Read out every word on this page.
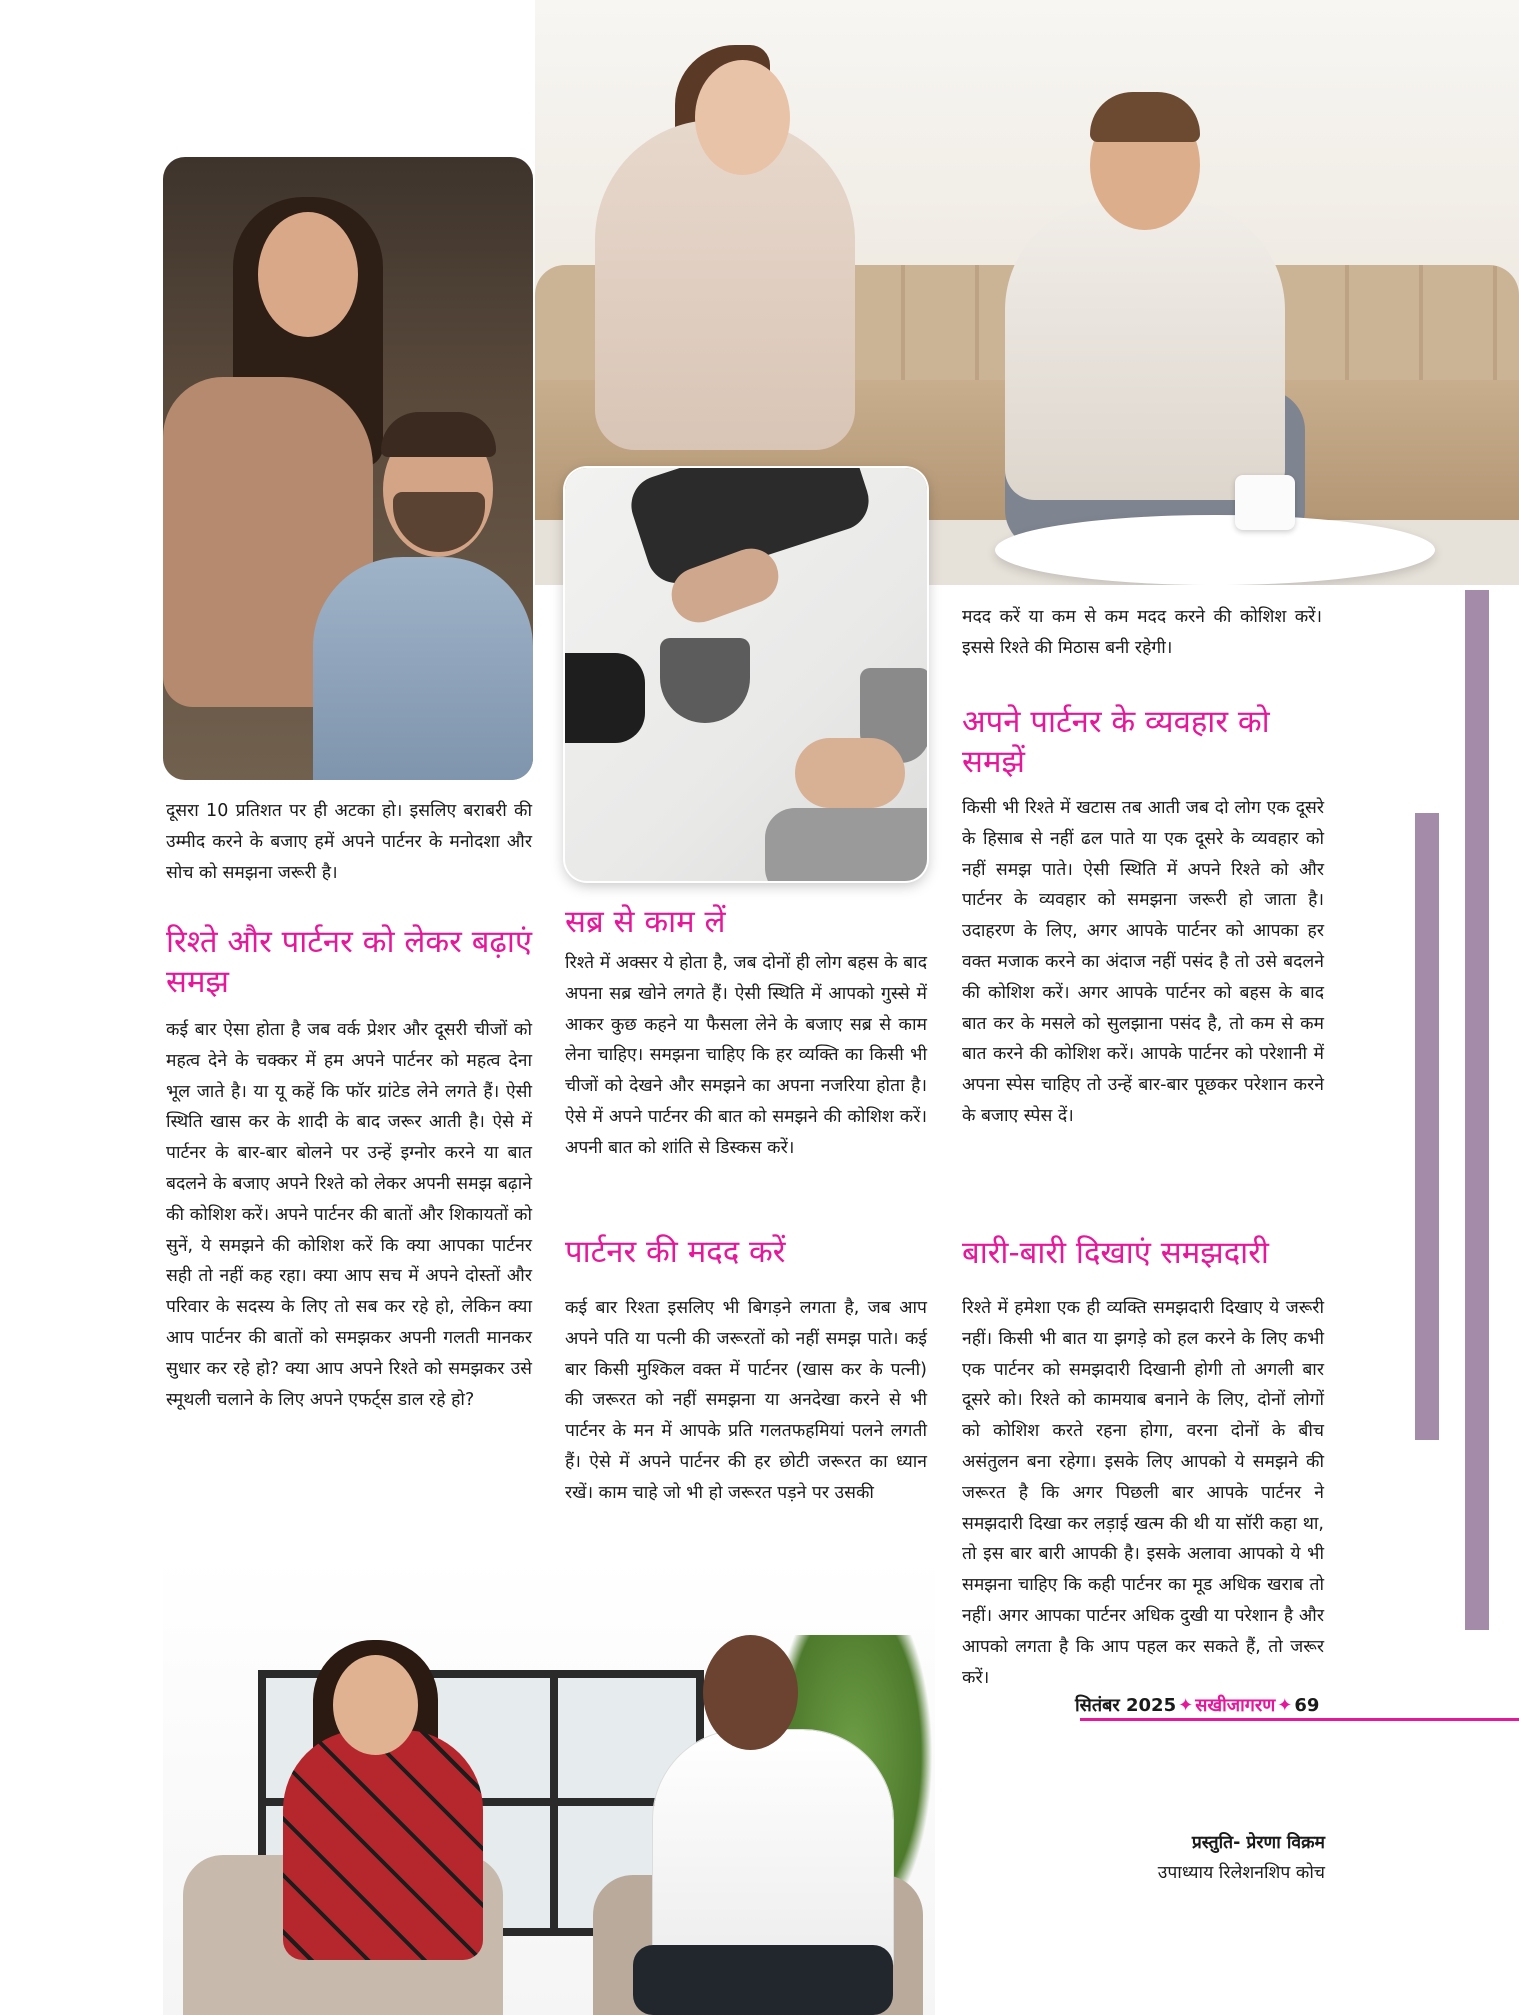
दूसरा 10 प्रतिशत पर ही अटका हो। इसलिए बराबरी की उम्मीद करने के बजाए हमें अपने पार्टनर के मनोदशा और सोच को समझना जरूरी है।

रिश्ते और पार्टनर को लेकर बढ़ाएं समझ

कई बार ऐसा होता है जब वर्क प्रेशर और दूसरी चीजों को महत्व देने के चक्कर में हम अपने पार्टनर को महत्व देना भूल जाते है। या यू कहें कि फॉर ग्रांटेड लेने लगते हैं। ऐसी स्थिति खास कर के शादी के बाद जरूर आती है। ऐसे में पार्टनर के बार-बार बोलने पर उन्हें इग्नोर करने या बात बदलने के बजाए अपने रिश्ते को लेकर अपनी समझ बढ़ाने की कोशिश करें। अपने पार्टनर की बातों और शिकायतों को सुनें, ये समझने की कोशिश करें कि क्या आपका पार्टनर सही तो नहीं कह रहा। क्या आप सच में अपने दोस्तों और परिवार के सदस्य के लिए तो सब कर रहे हो, लेकिन क्या आप पार्टनर की बातों को समझकर अपनी गलती मानकर सुधार कर रहे हो? क्या आप अपने रिश्ते को समझकर उसे स्मूथली चलाने के लिए अपने एफर्ट्स डाल रहे हो?

सब्र से काम लें

रिश्ते में अक्सर ये होता है, जब दोनों ही लोग बहस के बाद अपना सब्र खोने लगते हैं। ऐसी स्थिति में आपको गुस्से में आकर कुछ कहने या फैसला लेने के बजाए सब्र से काम लेना चाहिए। समझना चाहिए कि हर व्यक्ति का किसी भी चीजों को देखने और समझने का अपना नजरिया होता है। ऐसे में अपने पार्टनर की बात को समझने की कोशिश करें। अपनी बात को शांति से डिस्कस करें।

पार्टनर की मदद करें

कई बार रिश्ता इसलिए भी बिगड़ने लगता है, जब आप अपने पति या पत्नी की जरूरतों को नहीं समझ पाते। कई बार किसी मुश्किल वक्त में पार्टनर (खास कर के पत्नी) की जरूरत को नहीं समझना या अनदेखा करने से भी पार्टनर के मन में आपके प्रति गलतफहमियां पलने लगती हैं। ऐसे में अपने पार्टनर की हर छोटी जरूरत का ध्यान रखें। काम चाहे जो भी हो जरूरत पड़ने पर उसकी

मदद करें या कम से कम मदद करने की कोशिश करें। इससे रिश्ते की मिठास बनी रहेगी।

अपने पार्टनर के व्यवहार को समझें

किसी भी रिश्ते में खटास तब आती जब दो लोग एक दूसरे के हिसाब से नहीं ढल पाते या एक दूसरे के व्यवहार को नहीं समझ पाते। ऐसी स्थिति में अपने रिश्ते को और पार्टनर के व्यवहार को समझना जरूरी हो जाता है। उदाहरण के लिए, अगर आपके पार्टनर को आपका हर वक्त मजाक करने का अंदाज नहीं पसंद है तो उसे बदलने की कोशिश करें। अगर आपके पार्टनर को बहस के बाद बात कर के मसले को सुलझाना पसंद है, तो कम से कम बात करने की कोशिश करें। आपके पार्टनर को परेशानी में अपना स्पेस चाहिए तो उन्हें बार-बार पूछकर परेशान करने के बजाए स्पेस दें।

बारी-बारी दिखाएं समझदारी

रिश्ते में हमेशा एक ही व्यक्ति समझदारी दिखाए ये जरूरी नहीं। किसी भी बात या झगड़े को हल करने के लिए कभी एक पार्टनर को समझदारी दिखानी होगी तो अगली बार दूसरे को। रिश्ते को कामयाब बनाने के लिए, दोनों लोगों को कोशिश करते रहना होगा, वरना दोनों के बीच असंतुलन बना रहेगा। इसके लिए आपको ये समझने की जरूरत है कि अगर पिछली बार आपके पार्टनर ने समझदारी दिखा कर लड़ाई खत्म की थी या सॉरी कहा था, तो इस बार बारी आपकी है। इसके अलावा आपको ये भी समझना चाहिए कि कही पार्टनर का मूड अधिक खराब तो नहीं। अगर आपका पार्टनर अधिक दुखी या परेशान है और आपको लगता है कि आप पहल कर सकते हैं, तो जरूर करें।

प्रस्तुति- प्रेरणा विक्रम
उपाध्याय रिलेशनशिप कोच
सितंबर 2025 ✦ सखीजागरण ✦ 69
